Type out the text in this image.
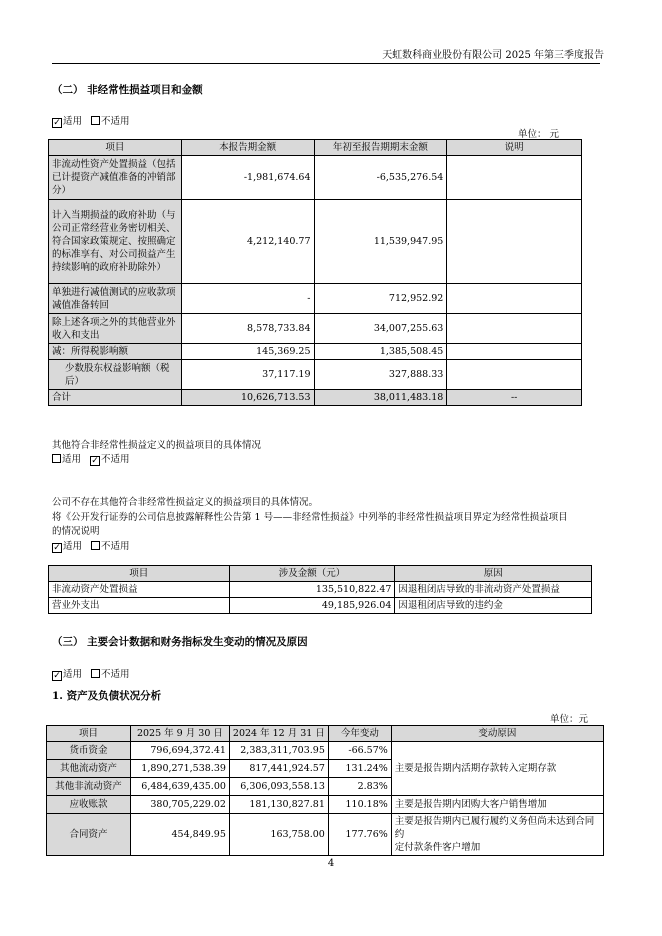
天虹数科商业股份有限公司 2025 年第三季度报告
（二） 非经常性损益项目和金额
✓ 适用 不适用
单位： 元
项目	本报告期金额	年初至报告期期末金额	说明
非流动性资产处置损益（包括已计提资产减值准备的冲销部分）	-1,981,674.64	-6,535,276.54	
计入当期损益的政府补助（与公司正常经营业务密切相关、符合国家政策规定、按照确定的标准享有、对公司损益产生持续影响的政府补助除外）	4,212,140.77	11,539,947.95	
单独进行减值测试的应收款项减值准备转回	-	712,952.92	
除上述各项之外的其他营业外收入和支出	8,578,733.84	34,007,255.63	
减：所得税影响额	145,369.25	1,385,508.45	
少数股东权益影响额（税后）	37,117.19	327,888.33	
合计	10,626,713.53	38,011,483.18	--
其他符合非经常性损益定义的损益项目的具体情况
适用 ✓ 不适用
公司不存在其他符合非经常性损益定义的损益项目的具体情况。
将《公开发行证券的公司信息披露解释性公告第 1 号——非经常性损益》中列举的非经常性损益项目界定为经常性损益项目
的情况说明
✓ 适用 不适用
项目	涉及金额（元）	原因
非流动资产处置损益	135,510,822.47	因退租闭店导致的非流动资产处置损益
营业外支出	49,185,926.04	因退租闭店导致的违约金
（三） 主要会计数据和财务指标发生变动的情况及原因
✓ 适用 不适用
1. 资产及负债状况分析
单位：元
项目	2025 年 9 月 30 日	2024 年 12 月 31 日	今年变动	变动原因
货币资金	796,694,372.41	2,383,311,703.95	-66.57%	主要是报告期内活期存款转入定期存款
其他流动资产	1,890,271,538.39	817,441,924.57	131.24%	
其他非流动资产	6,484,639,435.00	6,306,093,558.13	2.83%	
应收账款	380,705,229.02	181,130,827.81	110.18%	主要是报告期内团购大客户销售增加
合同资产	454,849.95	163,758.00	177.76%	主要是报告期内已履行履约义务但尚未达到合同约
定付款条件客户增加
4
